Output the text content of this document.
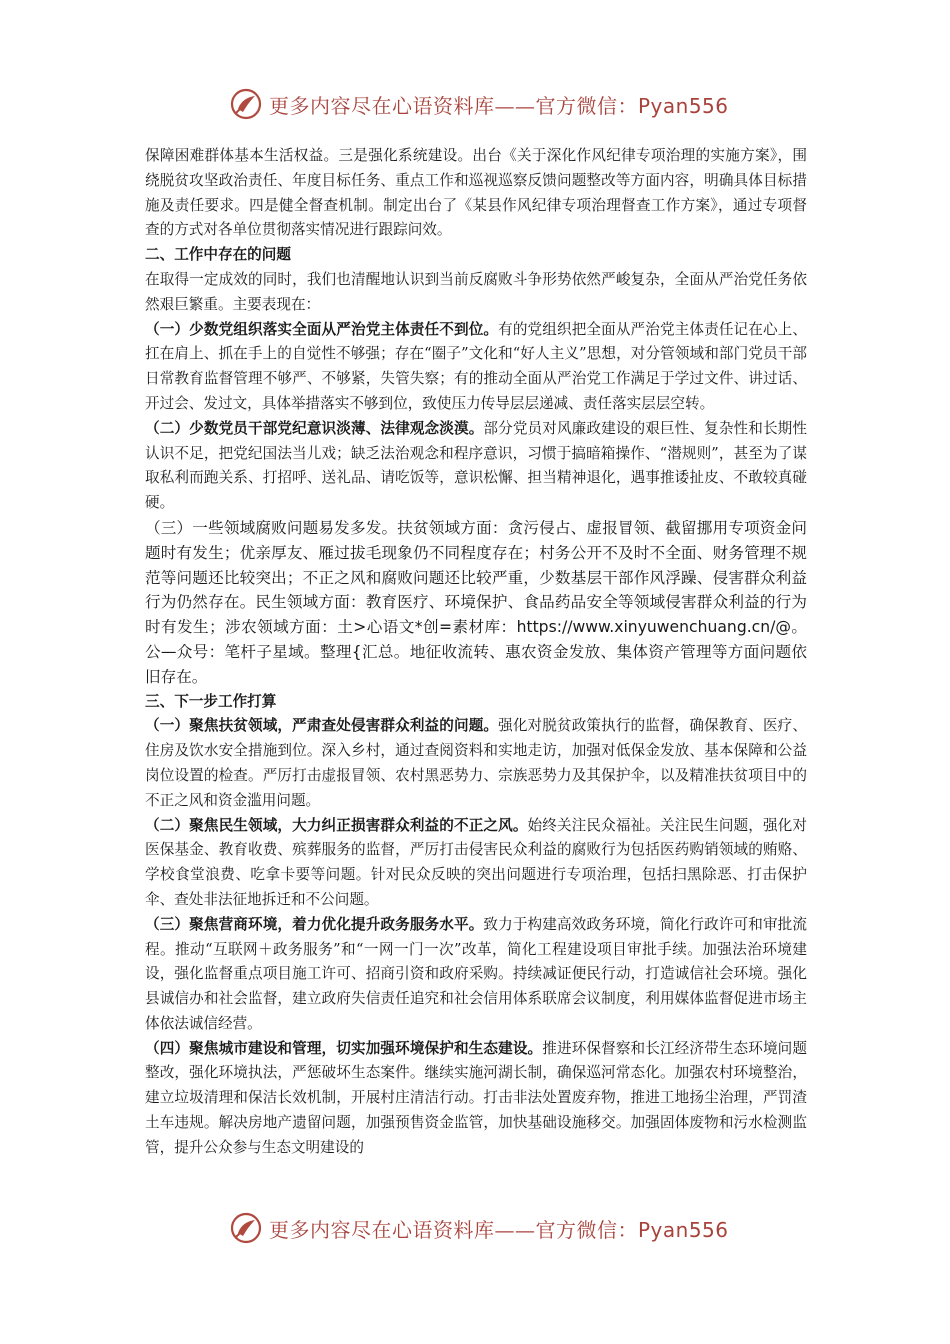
更多内容尽在心语资料库——官方微信：Pyan556

保障困难群体基本生活权益。三是强化系统建设。出台《关于深化作风纪律专项治理的实施方案》，围绕脱贫攻坚政治责任、年度目标任务、重点工作和巡视巡察反馈问题整改等方面内容，明确具体目标措施及责任要求。四是健全督查机制。制定出台了《某县作风纪律专项治理督查工作方案》，通过专项督查的方式对各单位贯彻落实情况进行跟踪问效。

二、工作中存在的问题

在取得一定成效的同时，我们也清醒地认识到当前反腐败斗争形势依然严峻复杂，全面从严治党任务依然艰巨繁重。主要表现在：

（一）少数党组织落实全面从严治党主体责任不到位。有的党组织把全面从严治党主体责任记在心上、扛在肩上、抓在手上的自觉性不够强；存在“圈子”文化和“好人主义”思想，对分管领域和部门党员干部日常教育监督管理不够严、不够紧，失管失察；有的推动全面从严治党工作满足于学过文件、讲过话、开过会、发过文，具体举措落实不够到位，致使压力传导层层递减、责任落实层层空转。

（二）少数党员干部党纪意识淡薄、法律观念淡漠。部分党员对风廉政建设的艰巨性、复杂性和长期性认识不足，把党纪国法当儿戏；缺乏法治观念和程序意识，习惯于搞暗箱操作、“潜规则”，甚至为了谋取私利而跑关系、打招呼、送礼品、请吃饭等，意识松懈、担当精神退化，遇事推诿扯皮、不敢较真碰硬。

（三）一些领域腐败问题易发多发。扶贫领域方面：贪污侵占、虚报冒领、截留挪用专项资金问题时有发生；优亲厚友、雁过拔毛现象仍不同程度存在；村务公开不及时不全面、财务管理不规范等问题还比较突出；不正之风和腐败问题还比较严重，少数基层干部作风浮躁、侵害群众利益行为仍然存在。民生领域方面：教育医疗、环境保护、食品药品安全等领域侵害群众利益的行为时有发生；涉农领域方面：土>心语文*创=素材库：https://www.xinyuwenchuang.cn/@。公—众号：笔杆子星域。整理{汇总。地征收流转、惠农资金发放、集体资产管理等方面问题依旧存在。

三、下一步工作打算

（一）聚焦扶贫领域，严肃查处侵害群众利益的问题。强化对脱贫政策执行的监督，确保教育、医疗、住房及饮水安全措施到位。深入乡村，通过查阅资料和实地走访，加强对低保金发放、基本保障和公益岗位设置的检查。严厉打击虚报冒领、农村黑恶势力、宗族恶势力及其保护伞，以及精准扶贫项目中的不正之风和资金滥用问题。

（二）聚焦民生领域，大力纠正损害群众利益的不正之风。始终关注民众福祉。关注民生问题，强化对医保基金、教育收费、殡葬服务的监督，严厉打击侵害民众利益的腐败行为包括医药购销领域的贿赂、学校食堂浪费、吃拿卡要等问题。针对民众反映的突出问题进行专项治理，包括扫黑除恶、打击保护伞、查处非法征地拆迁和不公问题。

（三）聚焦营商环境，着力优化提升政务服务水平。致力于构建高效政务环境，简化行政许可和审批流程。推动“互联网＋政务服务”和“一网一门一次”改革，简化工程建设项目审批手续。加强法治环境建设，强化监督重点项目施工许可、招商引资和政府采购。持续减证便民行动，打造诚信社会环境。强化县诚信办和社会监督，建立政府失信责任追究和社会信用体系联席会议制度，利用媒体监督促进市场主体依法诚信经营。

（四）聚焦城市建设和管理，切实加强环境保护和生态建设。推进环保督察和长江经济带生态环境问题整改，强化环境执法，严惩破坏生态案件。继续实施河湖长制，确保巡河常态化。加强农村环境整治，建立垃圾清理和保洁长效机制，开展村庄清洁行动。打击非法处置废弃物，推进工地扬尘治理，严罚渣土车违规。解决房地产遗留问题，加强预售资金监管，加快基础设施移交。加强固体废物和污水检测监管，提升公众参与生态文明建设的

更多内容尽在心语资料库——官方微信：Pyan556
